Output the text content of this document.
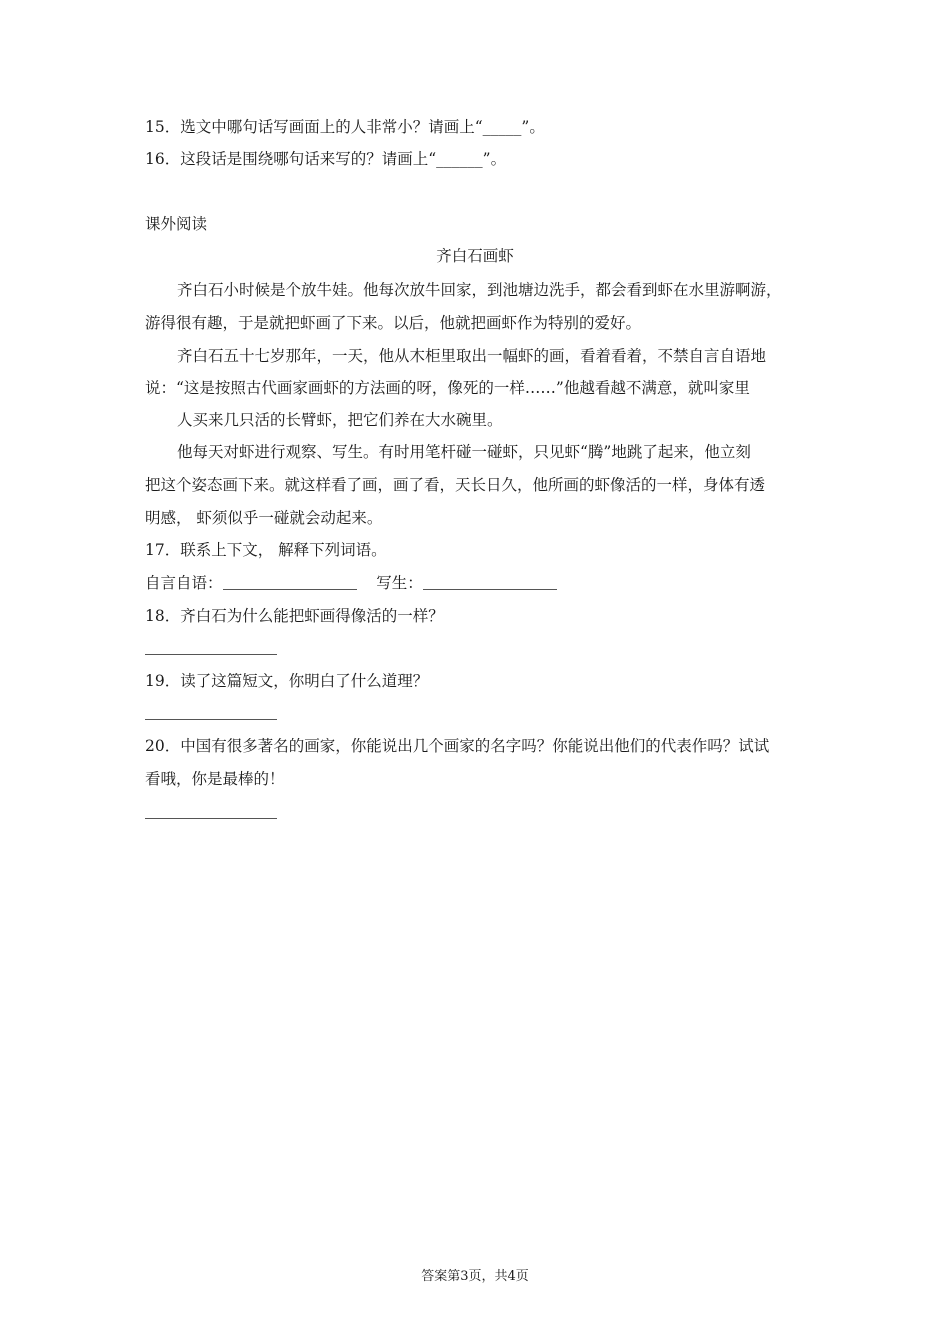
15．选文中哪句话写画面上的人非常小？请画上“_____”。
16．这段话是围绕哪句话来写的？请画上“______”。
课外阅读
齐白石画虾
齐白石小时候是个放牛娃。他每次放牛回家，到池塘边洗手，都会看到虾在水里游啊游，
游得很有趣，于是就把虾画了下来。以后，他就把画虾作为特别的爱好。
齐白石五十七岁那年，一天，他从木柜里取出一幅虾的画，看着看着，不禁自言自语地
说：“这是按照古代画家画虾的方法画的呀，像死的一样……”他越看越不满意，就叫家里
人买来几只活的长臂虾，把它们养在大水碗里。
他每天对虾进行观察、写生。有时用笔杆碰一碰虾，只见虾“腾”地跳了起来，他立刻
把这个姿态画下来。就这样看了画，画了看，天长日久，他所画的虾像活的一样，身体有透
明感， 虾须似乎一碰就会动起来。
17．联系上下文， 解释下列词语。
自言自语：	写生：
18．齐白石为什么能把虾画得像活的一样？
19．读了这篇短文，你明白了什么道理？
20．中国有很多著名的画家，你能说出几个画家的名字吗？你能说出他们的代表作吗？试试
看哦，你是最棒的！
答案第3页，共4页
